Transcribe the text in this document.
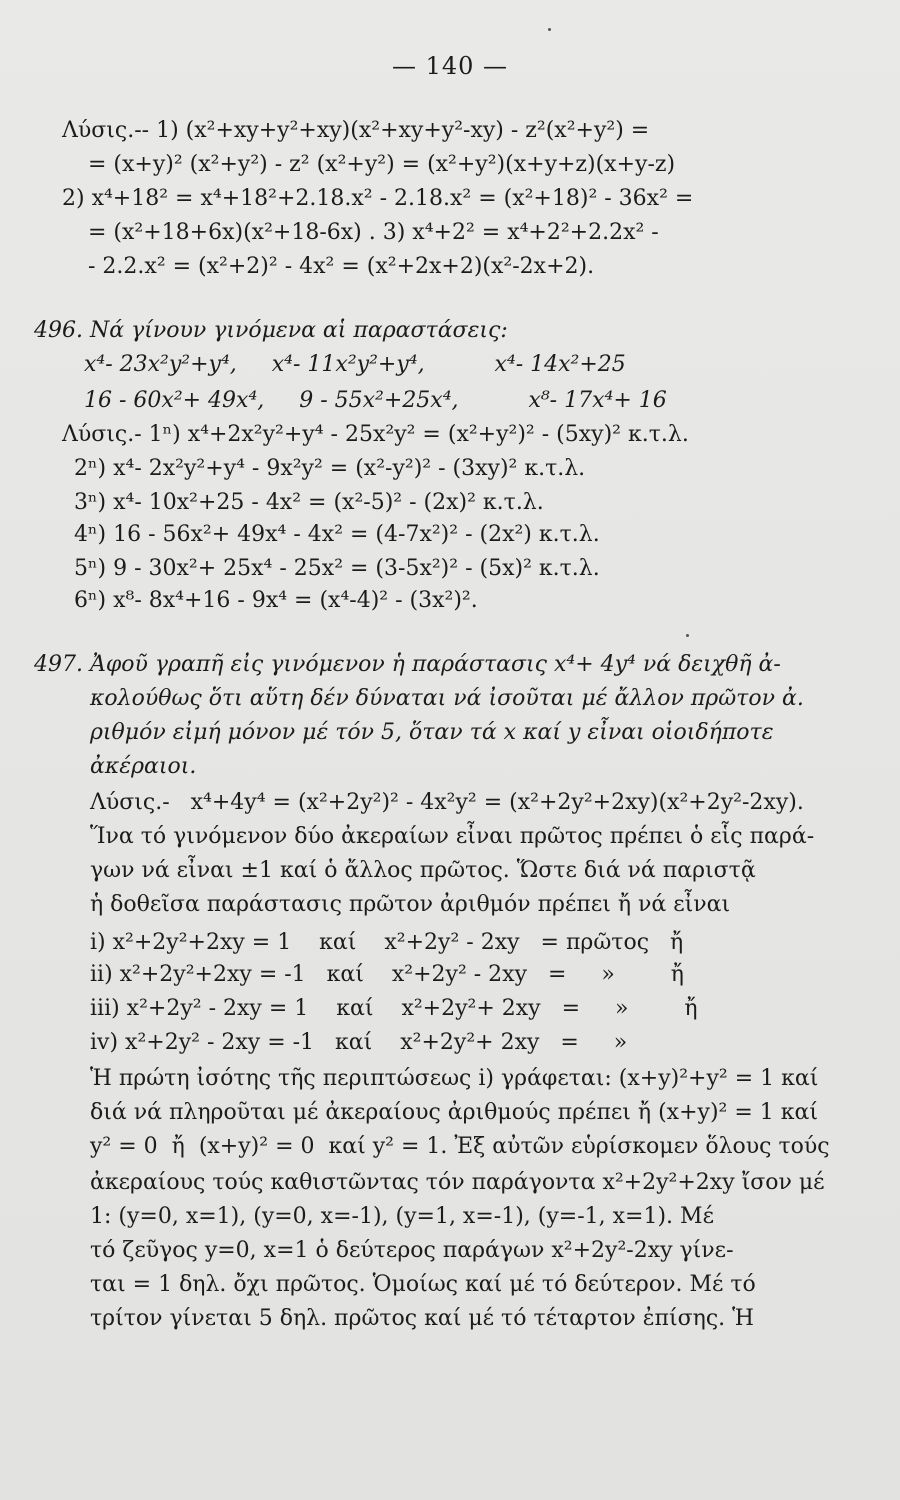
— 140 —
Λύσις.-- 1) (x²+xy+y²+xy)(x²+xy+y²-xy) - z²(x²+y²) =
= (x+y)² (x²+y²) - z² (x²+y²) = (x²+y²)(x+y+z)(x+y-z)
2) x⁴+18² = x⁴+18²+2.18.x² - 2.18.x² = (x²+18)² - 36x² =
= (x²+18+6x)(x²+18-6x) . 3) x⁴+2² = x⁴+2²+2.2x² -
- 2.2.x² = (x²+2)² - 4x² = (x²+2x+2)(x²-2x+2).
496. Νά γίνουν γινόμενα αἱ παραστάσεις:
x⁴- 23x²y²+y⁴,     x⁴- 11x²y²+y⁴,          x⁴- 14x²+25
16 - 60x²+ 49x⁴,     9 - 55x²+25x⁴,          x⁸- 17x⁴+ 16
Λύσις.- 1ⁿ) x⁴+2x²y²+y⁴ - 25x²y² = (x²+y²)² - (5xy)² κ.τ.λ.
2ⁿ) x⁴- 2x²y²+y⁴ - 9x²y² = (x²-y²)² - (3xy)² κ.τ.λ.
3ⁿ) x⁴- 10x²+25 - 4x² = (x²-5)² - (2x)² κ.τ.λ.
4ⁿ) 16 - 56x²+ 49x⁴ - 4x² = (4-7x²)² - (2x²) κ.τ.λ.
5ⁿ) 9 - 30x²+ 25x⁴ - 25x² = (3-5x²)² - (5x)² κ.τ.λ.
6ⁿ) x⁸- 8x⁴+16 - 9x⁴ = (x⁴-4)² - (3x²)².
497. Ἀφοῦ γραπῆ εἰς γινόμενον ἡ παράστασις x⁴+ 4y⁴ νά δειχθῆ ἀ-
κολούθως ὅτι αὕτη δέν δύναται νά ἰσοῦται μέ ἄλλον πρῶτον ἀ.
ριθμόν εἰμή μόνον μέ τόν 5, ὅταν τά x καί y εἶναι οἱοιδήποτε
ἀκέραιοι.
Λύσις.-   x⁴+4y⁴ = (x²+2y²)² - 4x²y² = (x²+2y²+2xy)(x²+2y²-2xy).
Ἵνα τό γινόμενον δύο ἀκεραίων εἶναι πρῶτος πρέπει ὁ εἷς παρά-
γων νά εἶναι ±1 καί ὁ ἄλλος πρῶτος. Ὥστε διά νά παριστᾷ
ἡ δοθεῖσα παράστασις πρῶτον ἀριθμόν πρέπει ἤ νά εἶναι
i) x²+2y²+2xy = 1    καί    x²+2y² - 2xy   = πρῶτος   ἤ
ii) x²+2y²+2xy = -1   καί    x²+2y² - 2xy   =     »        ἤ
iii) x²+2y² - 2xy = 1    καί    x²+2y²+ 2xy   =     »        ἤ
iv) x²+2y² - 2xy = -1   καί    x²+2y²+ 2xy   =     »
Ἡ πρώτη ἰσότης τῆς περιπτώσεως i) γράφεται: (x+y)²+y² = 1 καί
διά νά πληροῦται μέ ἀκεραίους ἀριθμούς πρέπει ἤ (x+y)² = 1 καί
y² = 0  ἤ  (x+y)² = 0  καί y² = 1. Ἐξ αὐτῶν εὑρίσκομεν ὅλους τούς
ἀκεραίους τούς καθιστῶντας τόν παράγοντα x²+2y²+2xy ἴσον μέ
1: (y=0, x=1), (y=0, x=-1), (y=1, x=-1), (y=-1, x=1). Μέ
τό ζεῦγος y=0, x=1 ὁ δεύτερος παράγων x²+2y²-2xy γίνε-
ται = 1 δηλ. ὄχι πρῶτος. Ὁμοίως καί μέ τό δεύτερον. Μέ τό
τρίτον γίνεται 5 δηλ. πρῶτος καί μέ τό τέταρτον ἐπίσης. Ἡ
